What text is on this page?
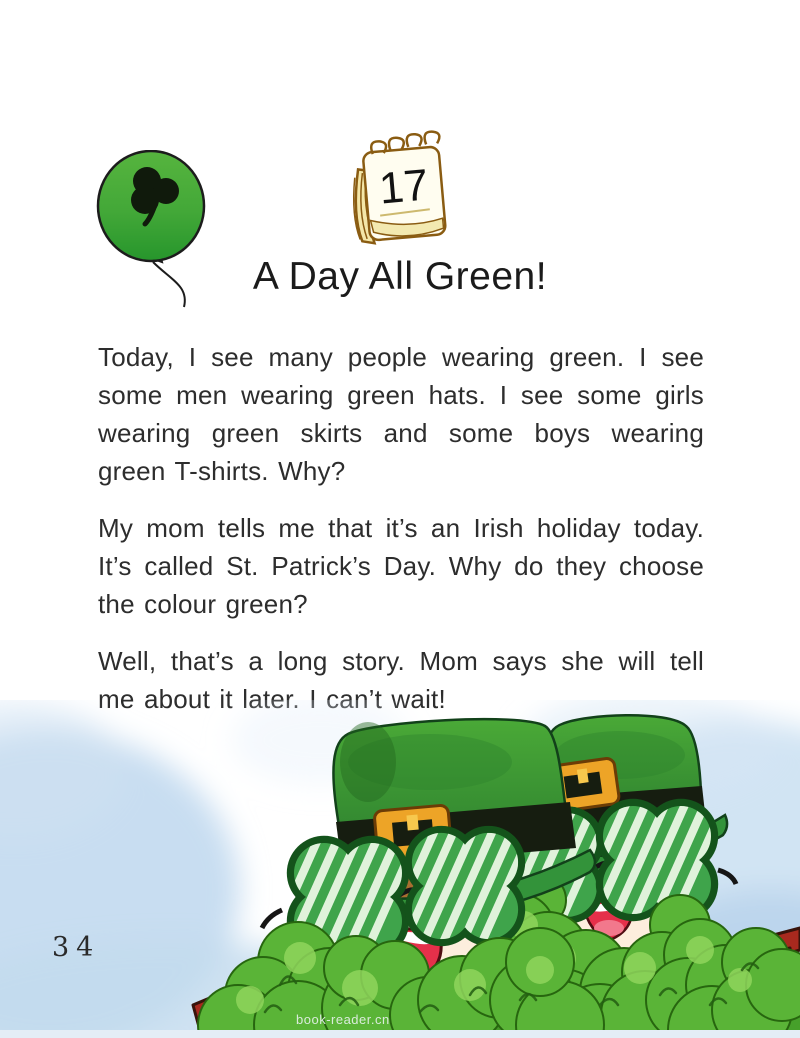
17
A Day All Green!
Today, I see many people wearing green. I see
some men wearing green hats. I see some girls
wearing green skirts and some boys wearing
green T-shirts. Why?
My mom tells me that it’s an Irish holiday today.
It’s called St. Patrick’s Day. Why do they choose
the colour green?
Well, that’s a long story. Mom says she will tell
me about it later. I can’t wait!
34
book-reader.cn
